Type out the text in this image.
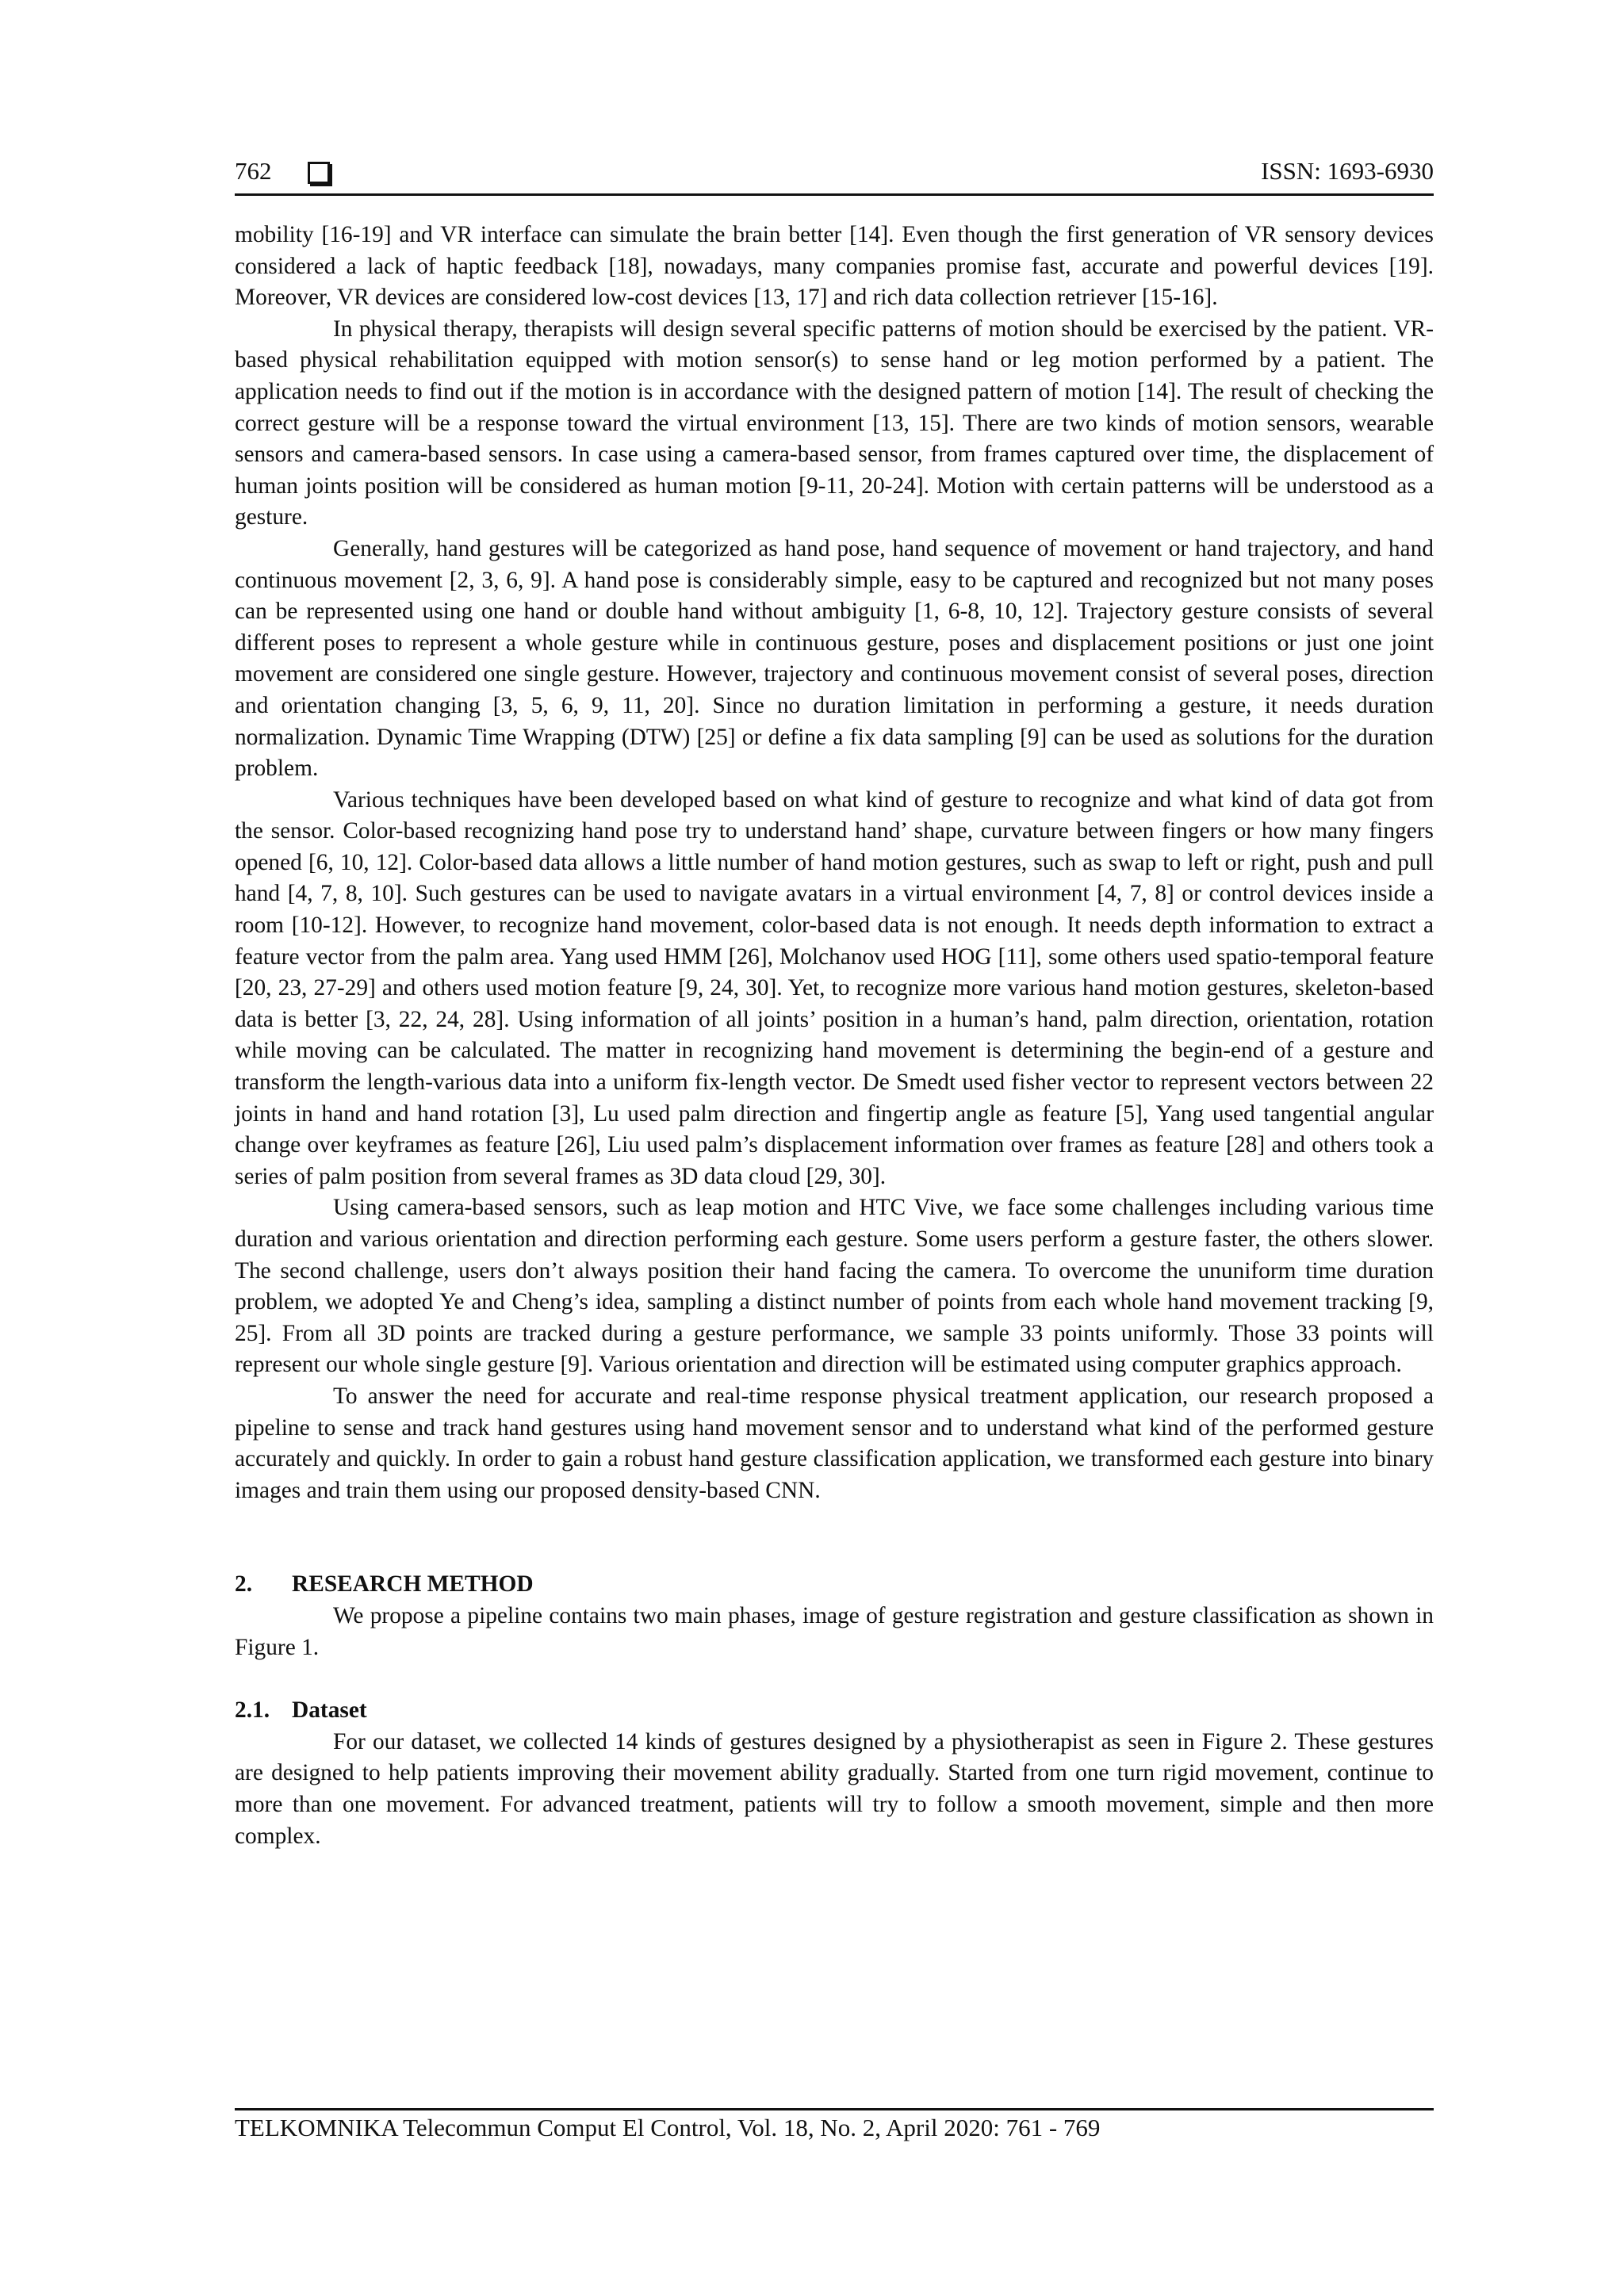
762	ISSN: 1693-6930

mobility [16-19] and VR interface can simulate the brain better [14]. Even though the first generation of VR sensory devices considered a lack of haptic feedback [18], nowadays, many companies promise fast, accurate and powerful devices [19]. Moreover, VR devices are considered low-cost devices [13, 17] and rich data collection retriever [15-16].

In physical therapy, therapists will design several specific patterns of motion should be exercised by the patient. VR-based physical rehabilitation equipped with motion sensor(s) to sense hand or leg motion performed by a patient. The application needs to find out if the motion is in accordance with the designed pattern of motion [14]. The result of checking the correct gesture will be a response toward the virtual environment [13, 15]. There are two kinds of motion sensors, wearable sensors and camera-based sensors. In case using a camera-based sensor, from frames captured over time, the displacement of human joints position will be considered as human motion [9-11, 20-24]. Motion with certain patterns will be understood as a gesture.

Generally, hand gestures will be categorized as hand pose, hand sequence of movement or hand trajectory, and hand continuous movement [2, 3, 6, 9]. A hand pose is considerably simple, easy to be captured and recognized but not many poses can be represented using one hand or double hand without ambiguity [1, 6-8, 10, 12]. Trajectory gesture consists of several different poses to represent a whole gesture while in continuous gesture, poses and displacement positions or just one joint movement are considered one single gesture. However, trajectory and continuous movement consist of several poses, direction and orientation changing [3, 5, 6, 9, 11, 20]. Since no duration limitation in performing a gesture, it needs duration normalization. Dynamic Time Wrapping (DTW) [25] or define a fix data sampling [9] can be used as solutions for the duration problem.

Various techniques have been developed based on what kind of gesture to recognize and what kind of data got from the sensor. Color-based recognizing hand pose try to understand hand’ shape, curvature between fingers or how many fingers opened [6, 10, 12]. Color-based data allows a little number of hand motion gestures, such as swap to left or right, push and pull hand [4, 7, 8, 10]. Such gestures can be used to navigate avatars in a virtual environment [4, 7, 8] or control devices inside a room [10-12]. However, to recognize hand movement, color-based data is not enough. It needs depth information to extract a feature vector from the palm area. Yang used HMM [26], Molchanov used HOG [11], some others used spatio-temporal feature [20, 23, 27-29] and others used motion feature [9, 24, 30]. Yet, to recognize more various hand motion gestures, skeleton-based data is better [3, 22, 24, 28]. Using information of all joints’ position in a human’s hand, palm direction, orientation, rotation while moving can be calculated. The matter in recognizing hand movement is determining the begin-end of a gesture and transform the length-various data into a uniform fix-length vector. De Smedt used fisher vector to represent vectors between 22 joints in hand and hand rotation [3], Lu used palm direction and fingertip angle as feature [5], Yang used tangential angular change over keyframes as feature [26], Liu used palm’s displacement information over frames as feature [28] and others took a series of palm position from several frames as 3D data cloud [29, 30].

Using camera-based sensors, such as leap motion and HTC Vive, we face some challenges including various time duration and various orientation and direction performing each gesture. Some users perform a gesture faster, the others slower. The second challenge, users don’t always position their hand facing the camera. To overcome the ununiform time duration problem, we adopted Ye and Cheng’s idea, sampling a distinct number of points from each whole hand movement tracking [9, 25]. From all 3D points are tracked during a gesture performance, we sample 33 points uniformly. Those 33 points will represent our whole single gesture [9]. Various orientation and direction will be estimated using computer graphics approach.

To answer the need for accurate and real-time response physical treatment application, our research proposed a pipeline to sense and track hand gestures using hand movement sensor and to understand what kind of the performed gesture accurately and quickly. In order to gain a robust hand gesture classification application, we transformed each gesture into binary images and train them using our proposed density-based CNN.

2. RESEARCH METHOD

We propose a pipeline contains two main phases, image of gesture registration and gesture classification as shown in Figure 1.

2.1. Dataset

For our dataset, we collected 14 kinds of gestures designed by a physiotherapist as seen in Figure 2. These gestures are designed to help patients improving their movement ability gradually. Started from one turn rigid movement, continue to more than one movement. For advanced treatment, patients will try to follow a smooth movement, simple and then more complex.

TELKOMNIKA Telecommun Comput El Control, Vol. 18, No. 2, April 2020: 761 - 769
